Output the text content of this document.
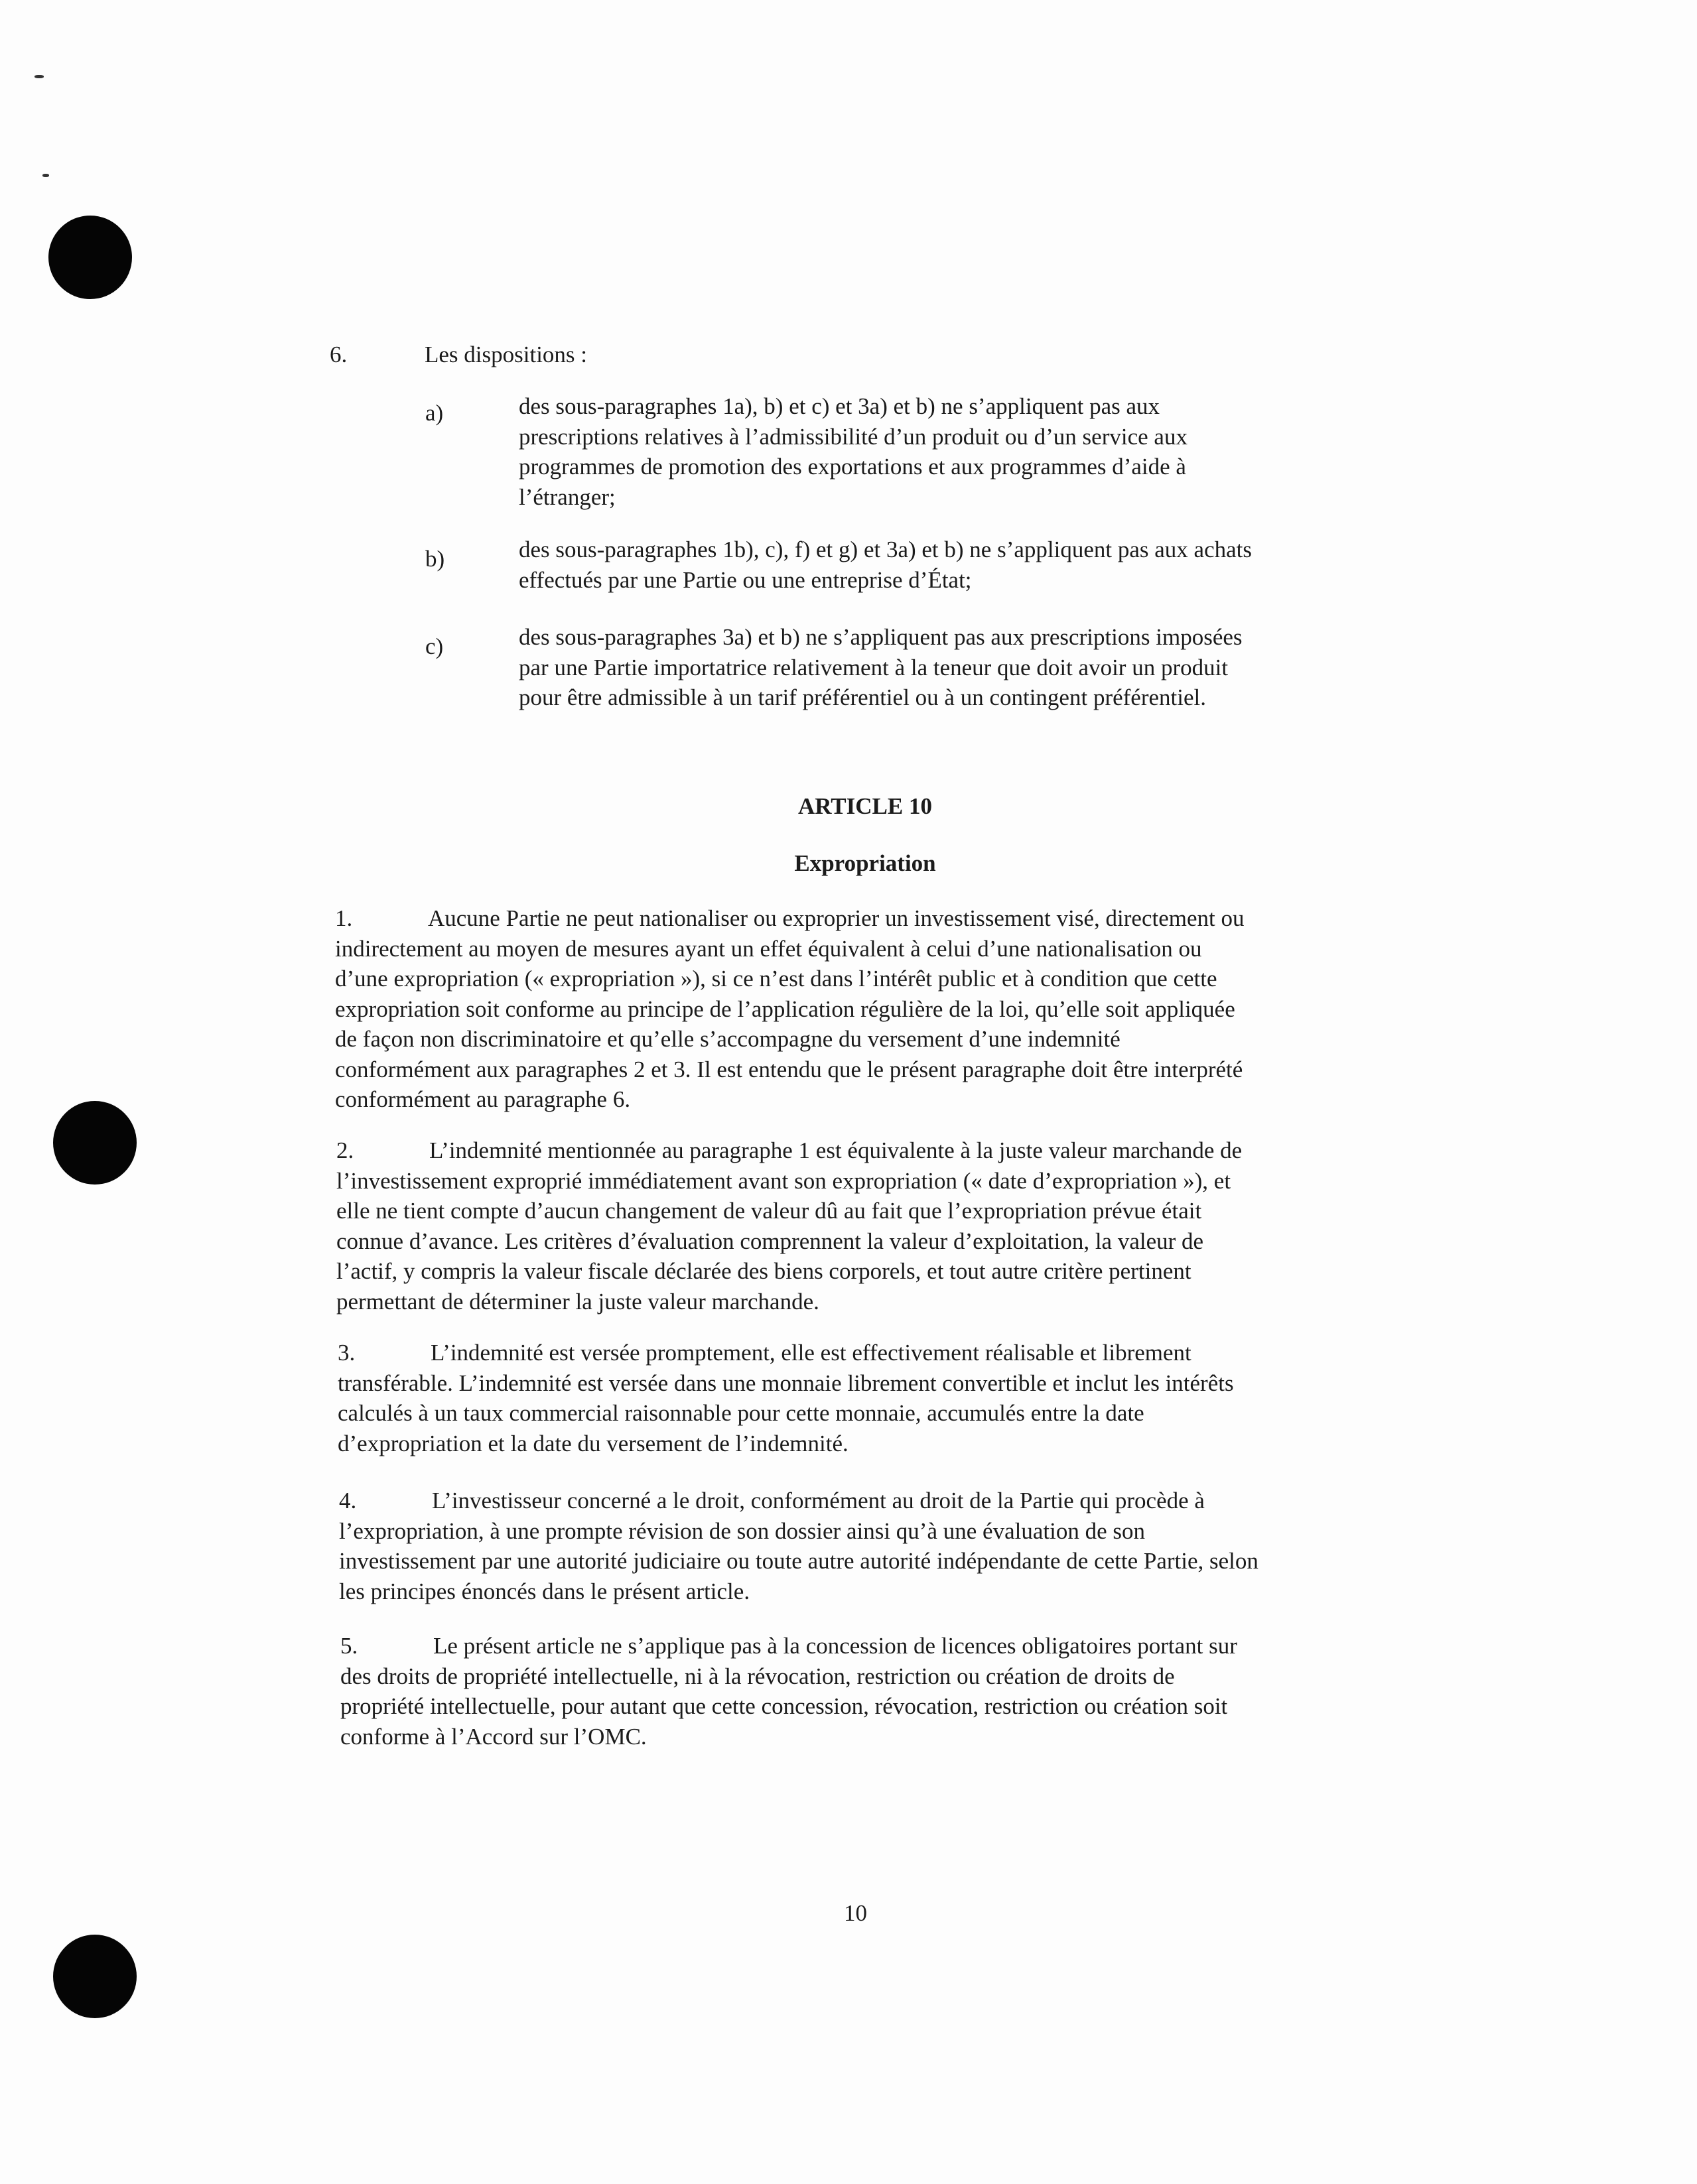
6.	Les dispositions :
a)	des sous-paragraphes 1a), b) et c) et 3a) et b) ne s’appliquent pas aux
prescriptions relatives à l’admissibilité d’un produit ou d’un service aux
programmes de promotion des exportations et aux programmes d’aide à
l’étranger;
b)	des sous-paragraphes 1b), c), f) et g) et 3a) et b) ne s’appliquent pas aux achats
effectués par une Partie ou une entreprise d’État;
c)	des sous-paragraphes 3a) et b) ne s’appliquent pas aux prescriptions imposées
par une Partie importatrice relativement à la teneur que doit avoir un produit
pour être admissible à un tarif préférentiel ou à un contingent préférentiel.
ARTICLE 10
Expropriation
1.	Aucune Partie ne peut nationaliser ou exproprier un investissement visé, directement ou
indirectement au moyen de mesures ayant un effet équivalent à celui d’une nationalisation ou
d’une expropriation (« expropriation »), si ce n’est dans l’intérêt public et à condition que cette
expropriation soit conforme au principe de l’application régulière de la loi, qu’elle soit appliquée
de façon non discriminatoire et qu’elle s’accompagne du versement d’une indemnité
conformément aux paragraphes 2 et 3. Il est entendu que le présent paragraphe doit être interprété
conformément au paragraphe 6.
2.	L’indemnité mentionnée au paragraphe 1 est équivalente à la juste valeur marchande de
l’investissement exproprié immédiatement avant son expropriation (« date d’expropriation »), et
elle ne tient compte d’aucun changement de valeur dû au fait que l’expropriation prévue était
connue d’avance. Les critères d’évaluation comprennent la valeur d’exploitation, la valeur de
l’actif, y compris la valeur fiscale déclarée des biens corporels, et tout autre critère pertinent
permettant de déterminer la juste valeur marchande.
3.	L’indemnité est versée promptement, elle est effectivement réalisable et librement
transférable. L’indemnité est versée dans une monnaie librement convertible et inclut les intérêts
calculés à un taux commercial raisonnable pour cette monnaie, accumulés entre la date
d’expropriation et la date du versement de l’indemnité.
4.	L’investisseur concerné a le droit, conformément au droit de la Partie qui procède à
l’expropriation, à une prompte révision de son dossier ainsi qu’à une évaluation de son
investissement par une autorité judiciaire ou toute autre autorité indépendante de cette Partie, selon
les principes énoncés dans le présent article.
5.	Le présent article ne s’applique pas à la concession de licences obligatoires portant sur
des droits de propriété intellectuelle, ni à la révocation, restriction ou création de droits de
propriété intellectuelle, pour autant que cette concession, révocation, restriction ou création soit
conforme à l’Accord sur l’OMC.
10
